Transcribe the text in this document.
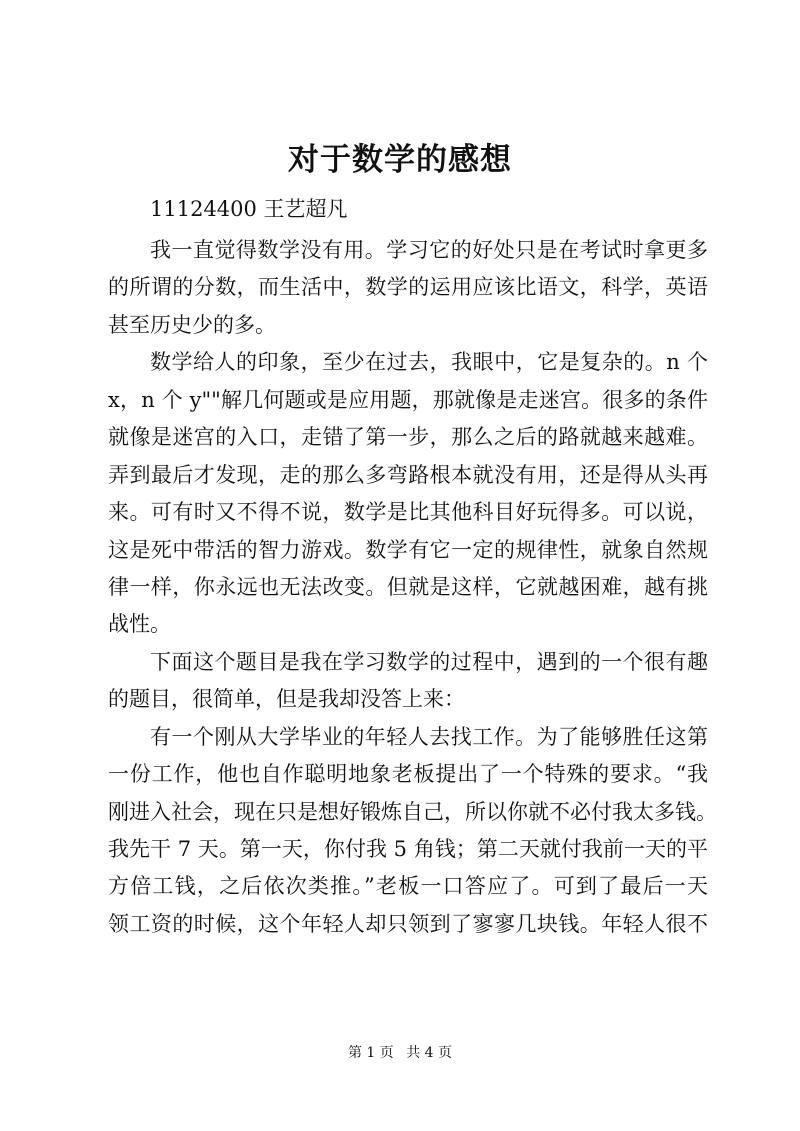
对于数学的感想
11124400 王艺超凡
我一直觉得数学没有用。学习它的好处只是在考试时拿更多
的所谓的分数，而生活中，数学的运用应该比语文，科学，英语
甚至历史少的多。
数学给人的印象，至少在过去，我眼中，它是复杂的。n 个
x，n 个 y""解几何题或是应用题，那就像是走迷宫。很多的条件
就像是迷宫的入口，走错了第一步，那么之后的路就越来越难。
弄到最后才发现，走的那么多弯路根本就没有用，还是得从头再
来。可有时又不得不说，数学是比其他科目好玩得多。可以说，
这是死中带活的智力游戏。数学有它一定的规律性，就象自然规
律一样，你永远也无法改变。但就是这样，它就越困难，越有挑
战性。
下面这个题目是我在学习数学的过程中，遇到的一个很有趣
的题目，很简单，但是我却没答上来：
有一个刚从大学毕业的年轻人去找工作。为了能够胜任这第
一份工作，他也自作聪明地象老板提出了一个特殊的要求。“我
刚进入社会，现在只是想好锻炼自己，所以你就不必付我太多钱。
我先干 7 天。第一天，你付我 5 角钱；第二天就付我前一天的平
方倍工钱，之后依次类推。”老板一口答应了。可到了最后一天
领工资的时候，这个年轻人却只领到了寥寥几块钱。年轻人很不
第 1 页 共 4 页
